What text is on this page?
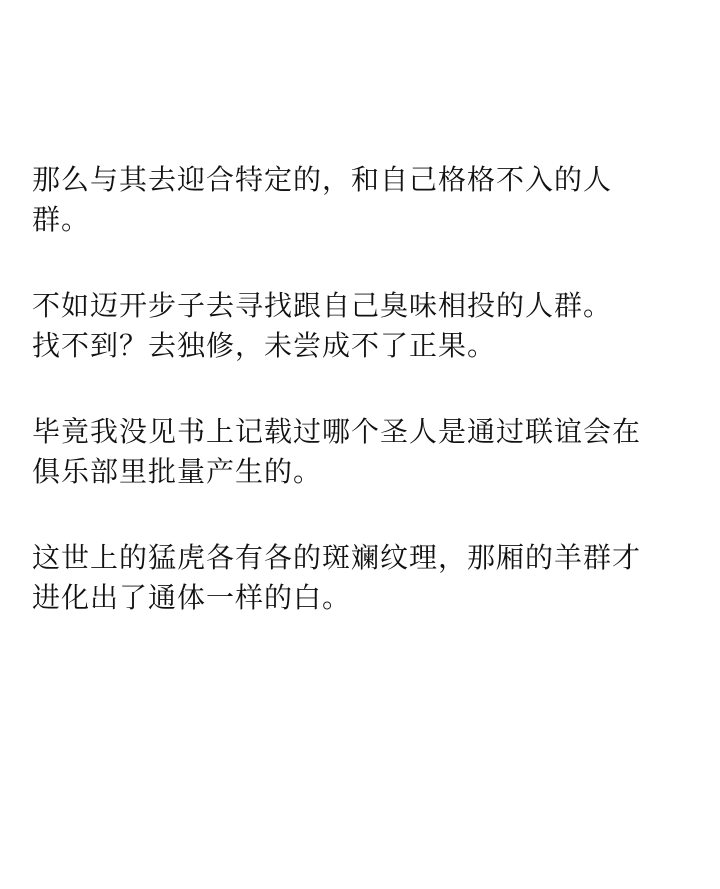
那么与其去迎合特定的，和自己格格不入的人
群。

不如迈开步子去寻找跟自己臭味相投的人群。
找不到？去独修，未尝成不了正果。

毕竟我没见书上记载过哪个圣人是通过联谊会在
俱乐部里批量产生的。

这世上的猛虎各有各的斑斓纹理，那厢的羊群才
进化出了通体一样的白。
